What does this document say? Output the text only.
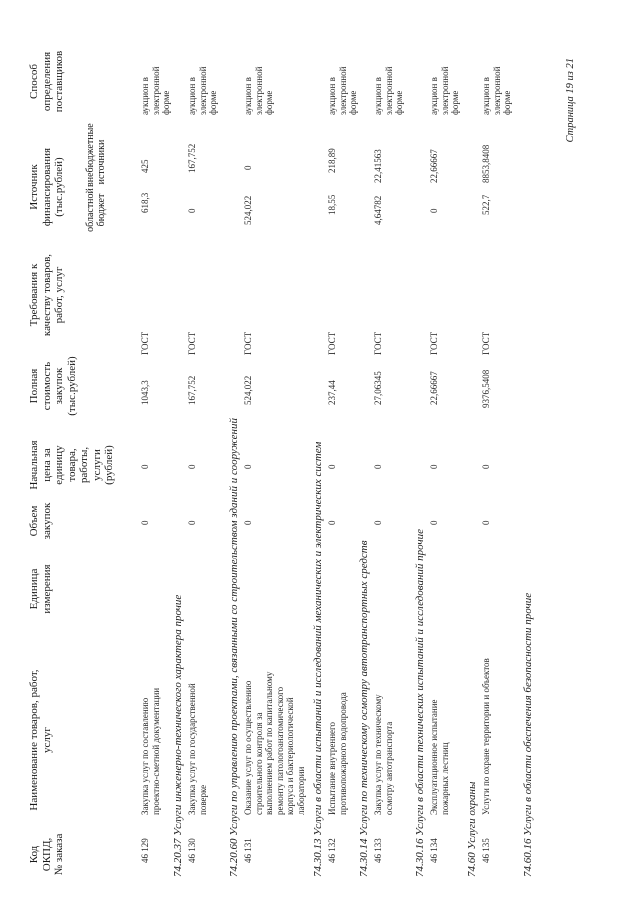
Код ОКПД, № заказа
Наименование товаров, работ, услуг
Единица измерения
Объем закупок
Начальная цена за единицу товара, работы, услуги (рублей)
Полная стоимость закупок (тыс.рублей)
Требования к качеству товаров, работ, услуг
Источник финансирования (тыс.рублей) областной бюджет
внебюджетные источники
Способ определения поставщиков
46 129
Закупка услуг по составлению проектно-сметной документации
0
0
1043,3
ГОСТ
618,3
425
аукцион в электронной форме
74.20.37 Услуги инженерно-технического характера прочие 46 130
Закупка услуг по государственной поверке
0
0
167,752
ГОСТ
0
167,752
аукцион в электронной форме
74.20.60 Услуги по управлению проектами, связанными со строительством зданий и сооружений 46 131
Оказание услуг по осуществлению строительного контроля за выполнением работ по капитальному ремонту патологоанатомического корпуса и бактериологической лаборатории
0
0
524,022
ГОСТ
524,022
0
аукцион в электронной форме
74.30.13 Услуги в области испытаний и исследований механических и электрических систем 46 132
Испытание внутреннего противопожарного водопровода
0
0
237,44
ГОСТ
18,55
218,89
аукцион в электронной форме
74.30.14 Услуги по техническому осмотру автотранспортных средств 46 133
Закупка услуг по техническому осмотру автотранспорта
0
0
27,06345
ГОСТ
4,64782
22,41563
аукцион в электронной форме
74.30.16 Услуги в области технических испытаний и исследований прочие 46 134
Эксплуатационное испытание пожарных лестниц
0
0
22,66667
ГОСТ
0
22,66667
аукцион в электронной форме
74.60 Услуги охраны 46 135
Услуги по охране территории и объектов
0
0
9376,5408
ГОСТ
522,7
8853,8408
аукцион в электронной форме
74.60.16 Услуги в области обеспечения безопасности прочие
Страница 19 из 21
